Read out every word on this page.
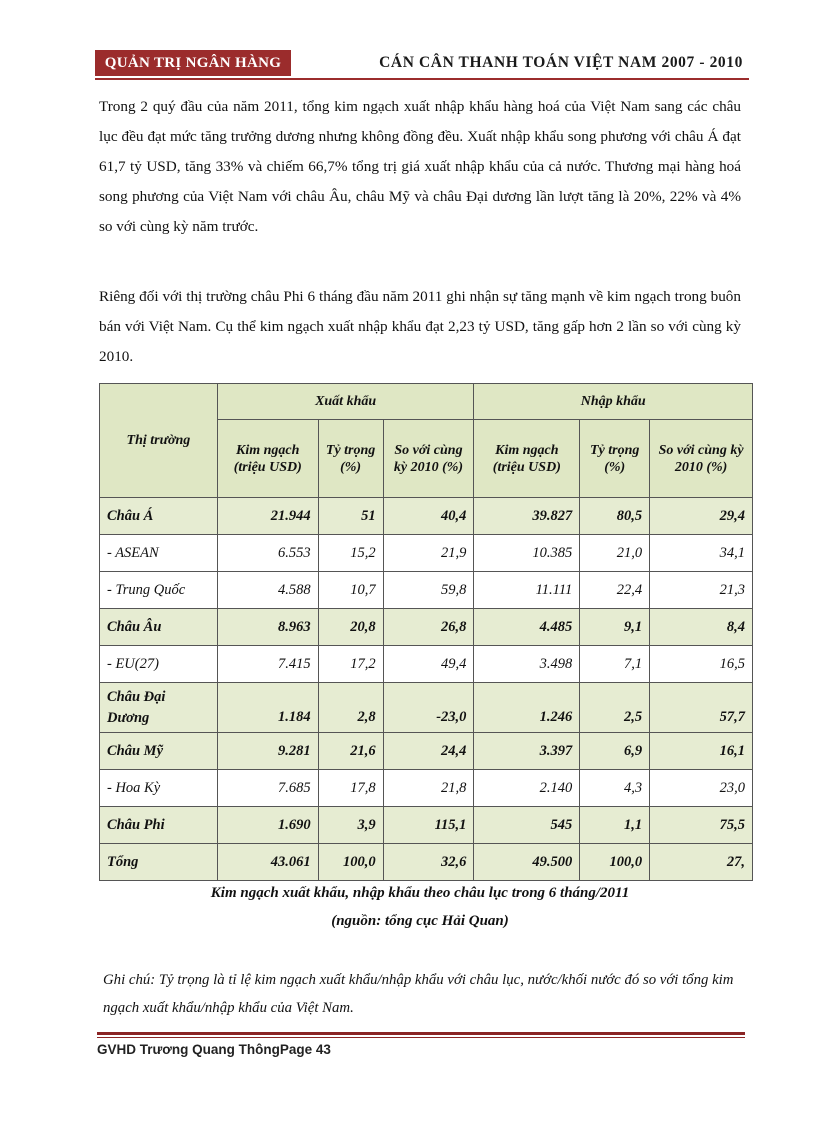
QUẢN TRỊ NGÂN HÀNG	CÁN CÂN THANH TOÁN VIỆT NAM 2007 - 2010

Trong 2 quý đầu của năm 2011, tổng kim ngạch xuất nhập khẩu hàng hoá của Việt Nam sang các châu lục đều đạt mức tăng trưởng dương nhưng không đồng đều. Xuất nhập khẩu song phương với châu Á đạt 61,7 tỷ USD, tăng 33% và chiếm 66,7% tổng trị giá xuất nhập khẩu của cả nước. Thương mại hàng hoá song phương của Việt Nam với châu Âu, châu Mỹ và châu Đại dương lần lượt tăng là 20%, 22% và 4% so với cùng kỳ năm trước.

Riêng đối với thị trường châu Phi 6 tháng đầu năm 2011 ghi nhận sự tăng mạnh về kim ngạch trong buôn bán với Việt Nam. Cụ thể kim ngạch xuất nhập khẩu đạt 2,23 tỷ USD, tăng gấp hơn 2 lần so với cùng kỳ 2010.

Thị trường	Xuất khẩu			Nhập khẩu		
	Kim ngạch (triệu USD)	Tỷ trọng (%)	So với cùng kỳ 2010 (%)	Kim ngạch (triệu USD)	Tỷ trọng (%)	So với cùng kỳ 2010 (%)
Châu Á	21.944	51	40,4	39.827	80,5	29,4
- ASEAN	6.553	15,2	21,9	10.385	21,0	34,1
- Trung Quốc	4.588	10,7	59,8	11.111	22,4	21,3
Châu Âu	8.963	20,8	26,8	4.485	9,1	8,4
- EU(27)	7.415	17,2	49,4	3.498	7,1	16,5
Châu Đại Dương	1.184	2,8	-23,0	1.246	2,5	57,7
Châu Mỹ	9.281	21,6	24,4	3.397	6,9	16,1
- Hoa Kỳ	7.685	17,8	21,8	2.140	4,3	23,0
Châu Phi	1.690	3,9	115,1	545	1,1	75,5
Tổng	43.061	100,0	32,6	49.500	100,0	27,
Kim ngạch xuất khẩu, nhập khẩu theo châu lục trong 6 tháng/2011
(nguồn: tổng cục Hải Quan)

Ghi chú: Tỷ trọng là tỉ lệ kim ngạch xuất khẩu/nhập khẩu với châu lục, nước/khối nước đó so với tổng kim ngạch xuất khẩu/nhập khẩu của Việt Nam.

GVHD Trương Quang ThôngPage 43
